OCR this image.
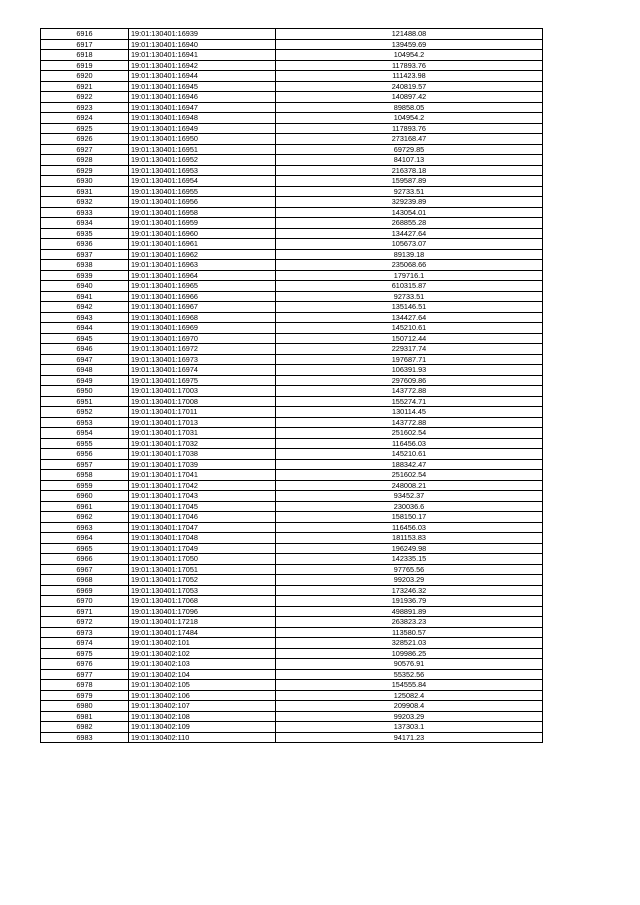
6916	19:01:130401:16939	121488.08
6917	19:01:130401:16940	139459.69
6918	19:01:130401:16941	104954.2
6919	19:01:130401:16942	117893.76
6920	19:01:130401:16944	111423.98
6921	19:01:130401:16945	240819.57
6922	19:01:130401:16946	140897.42
6923	19:01:130401:16947	89858.05
6924	19:01:130401:16948	104954.2
6925	19:01:130401:16949	117893.76
6926	19:01:130401:16950	273168.47
6927	19:01:130401:16951	69729.85
6928	19:01:130401:16952	84107.13
6929	19:01:130401:16953	216378.18
6930	19:01:130401:16954	159587.89
6931	19:01:130401:16955	92733.51
6932	19:01:130401:16956	329239.89
6933	19:01:130401:16958	143054.01
6934	19:01:130401:16959	268855.28
6935	19:01:130401:16960	134427.64
6936	19:01:130401:16961	105673.07
6937	19:01:130401:16962	89139.18
6938	19:01:130401:16963	235068.66
6939	19:01:130401:16964	179716.1
6940	19:01:130401:16965	610315.87
6941	19:01:130401:16966	92733.51
6942	19:01:130401:16967	135146.51
6943	19:01:130401:16968	134427.64
6944	19:01:130401:16969	145210.61
6945	19:01:130401:16970	150712.44
6946	19:01:130401:16972	229317.74
6947	19:01:130401:16973	197687.71
6948	19:01:130401:16974	106391.93
6949	19:01:130401:16975	297609.86
6950	19:01:130401:17003	143772.88
6951	19:01:130401:17008	155274.71
6952	19:01:130401:17011	130114.45
6953	19:01:130401:17013	143772.88
6954	19:01:130401:17031	251602.54
6955	19:01:130401:17032	116456.03
6956	19:01:130401:17038	145210.61
6957	19:01:130401:17039	188342.47
6958	19:01:130401:17041	251602.54
6959	19:01:130401:17042	248008.21
6960	19:01:130401:17043	93452.37
6961	19:01:130401:17045	230036.6
6962	19:01:130401:17046	158150.17
6963	19:01:130401:17047	116456.03
6964	19:01:130401:17048	181153.83
6965	19:01:130401:17049	196249.98
6966	19:01:130401:17050	142335.15
6967	19:01:130401:17051	97765.56
6968	19:01:130401:17052	99203.29
6969	19:01:130401:17053	173246.32
6970	19:01:130401:17068	191936.79
6971	19:01:130401:17096	498891.89
6972	19:01:130401:17218	263823.23
6973	19:01:130401:17484	113580.57
6974	19:01:130402:101	328521.03
6975	19:01:130402:102	109986.25
6976	19:01:130402:103	90576.91
6977	19:01:130402:104	55352.56
6978	19:01:130402:105	154555.84
6979	19:01:130402:106	125082.4
6980	19:01:130402:107	209908.4
6981	19:01:130402:108	99203.29
6982	19:01:130402:109	137303.1
6983	19:01:130402:110	94171.23
